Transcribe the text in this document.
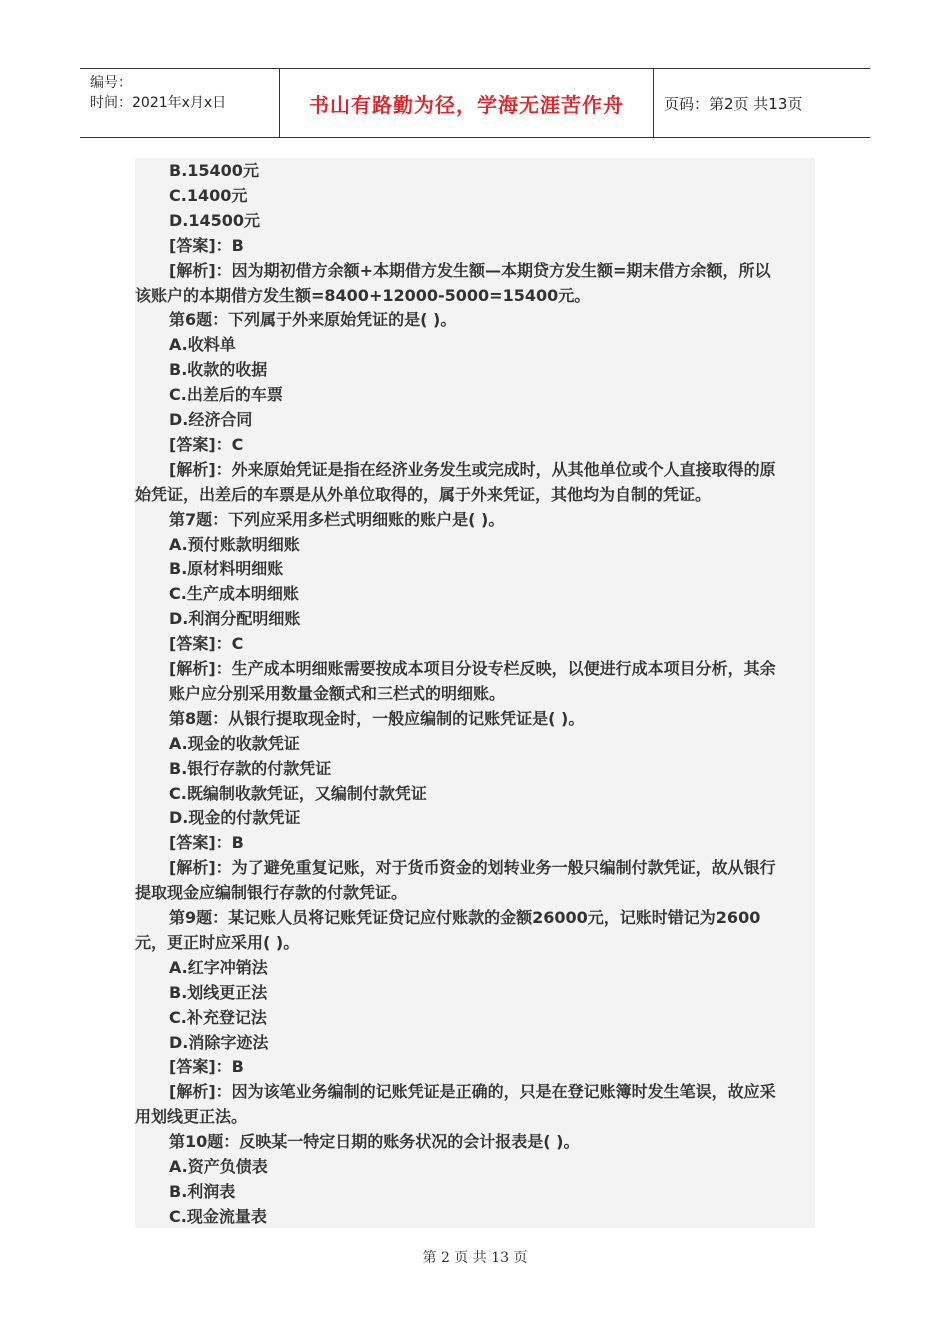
编号：
时间：2021年x月x日	书山有路勤为径，学海无涯苦作舟	页码：第2页 共13页
B.15400元
C.1400元
D.14500元
[答案]：B
[解析]：因为期初借方余额+本期借方发生额—本期贷方发生额=期末借方余额，所以
该账户的本期借方发生额=8400+12000-5000=15400元。
第6题：下列属于外来原始凭证的是( )。
A.收料单
B.收款的收据
C.出差后的车票
D.经济合同
[答案]：C
[解析]：外来原始凭证是指在经济业务发生或完成时，从其他单位或个人直接取得的原
始凭证，出差后的车票是从外单位取得的，属于外来凭证，其他均为自制的凭证。
第7题：下列应采用多栏式明细账的账户是( )。
A.预付账款明细账
B.原材料明细账
C.生产成本明细账
D.利润分配明细账
[答案]：C
[解析]：生产成本明细账需要按成本项目分设专栏反映，以便进行成本项目分析，其余
账户应分别采用数量金额式和三栏式的明细账。
第8题：从银行提取现金时，一般应编制的记账凭证是( )。
A.现金的收款凭证
B.银行存款的付款凭证
C.既编制收款凭证，又编制付款凭证
D.现金的付款凭证
[答案]：B
[解析]：为了避免重复记账，对于货币资金的划转业务一般只编制付款凭证，故从银行
提取现金应编制银行存款的付款凭证。
第9题：某记账人员将记账凭证贷记应付账款的金额26000元，记账时错记为2600
元，更正时应采用( )。
A.红字冲销法
B.划线更正法
C.补充登记法
D.消除字迹法
[答案]：B
[解析]：因为该笔业务编制的记账凭证是正确的，只是在登记账簿时发生笔误，故应采
用划线更正法。
第10题：反映某一特定日期的账务状况的会计报表是( )。
A.资产负债表
B.利润表
C.现金流量表
第 2 页 共 13 页
